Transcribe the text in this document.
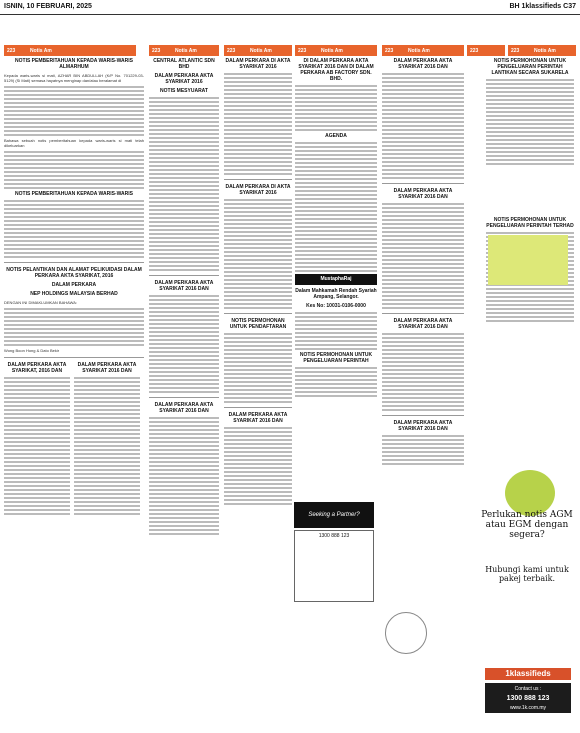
ISNIN, 10 FEBRUARI, 2025	BH 1klassifieds C37
223	Notis Am	223	Notis Am	223	Notis Am	223	Notis Am	223	Notis Am	223	223	Notis Am
NOTIS PEMBERITAHUAN KEPADA WARIS-WARIS ALMARHUM

Kepada waris-waris si mati, AZHAR BIN ABDULLAH (K/P No. 701229-03-5129) (Si Mati) semasa hayatnya menginap dan/atau beralamat di

Bahawa sebuah notis pemberitahuan kepada waris-waris si mati telah dikeluarkan

NOTIS PEMBERITAHUAN KEPADA WARIS-WARIS
NOTIS PELANTIKAN DAN ALAMAT PELIKUIDASI DALAM PERKARA AKTA SYARIKAT, 2016
DALAM PERKARA
NEP HOLDINGS MALAYSIA BERHAD

DENGAN INI DIMAKLUMKAN BAHAWA:

Wong Boon Hong & Dato Bekir

DALAM PERKARA AKTA SYARIKAT, 2016 DAN
DALAM PERKARA AKTA SYARIKAT 2016 DAN
CENTRAL ATLANTIC SDN BHD
DALAM PERKARA AKTA SYARIKAT 2016
NOTIS MESYUARAT
DALAM PERKARA AKTA SYARIKAT 2016 DAN
DALAM PERKARA AKTA SYARIKAT 2016 DAN
DALAM PERKARA DI AKTA SYARIKAT 2016
DALAM PERKARA DI AKTA SYARIKAT 2016
NOTIS PERMOHONAN UNTUK PENDAFTARAN
DALAM PERKARA AKTA SYARIKAT 2016 DAN
DI DALAM PERKARA AKTA SYARIKAT 2016 DAN DI DALAM PERKARA AB FACTORY SDN. BHD.
AGENDA
MustaphaRaj
Dalam Mahkamah Rendah Syariah Ampang, Selangor.
Kes No: 10031-0106-0000
NOTIS PERMOHONAN UNTUK PENGELUARAN PERINTAH
Seeking a Partner?
1300 888 123
DALAM PERKARA AKTA SYARIKAT 2016 DAN
DALAM PERKARA AKTA SYARIKAT 2016 DAN
DALAM PERKARA AKTA SYARIKAT 2016 DAN
DALAM PERKARA AKTA SYARIKAT 2016 DAN
NOTIS PERMOHONAN UNTUK PENGELUARAN PERINTAH LANTIKAN SECARA SUKARELA
NOTIS PERMOHONAN UNTUK PENGELUARAN PERINTAH TERHAD
Perlukan notis AGM atau EGM dengan segera?
Hubungi kami untuk pakej terbaik.
1klassifieds
Contact us :
1300 888 123
www.1k.com.my
